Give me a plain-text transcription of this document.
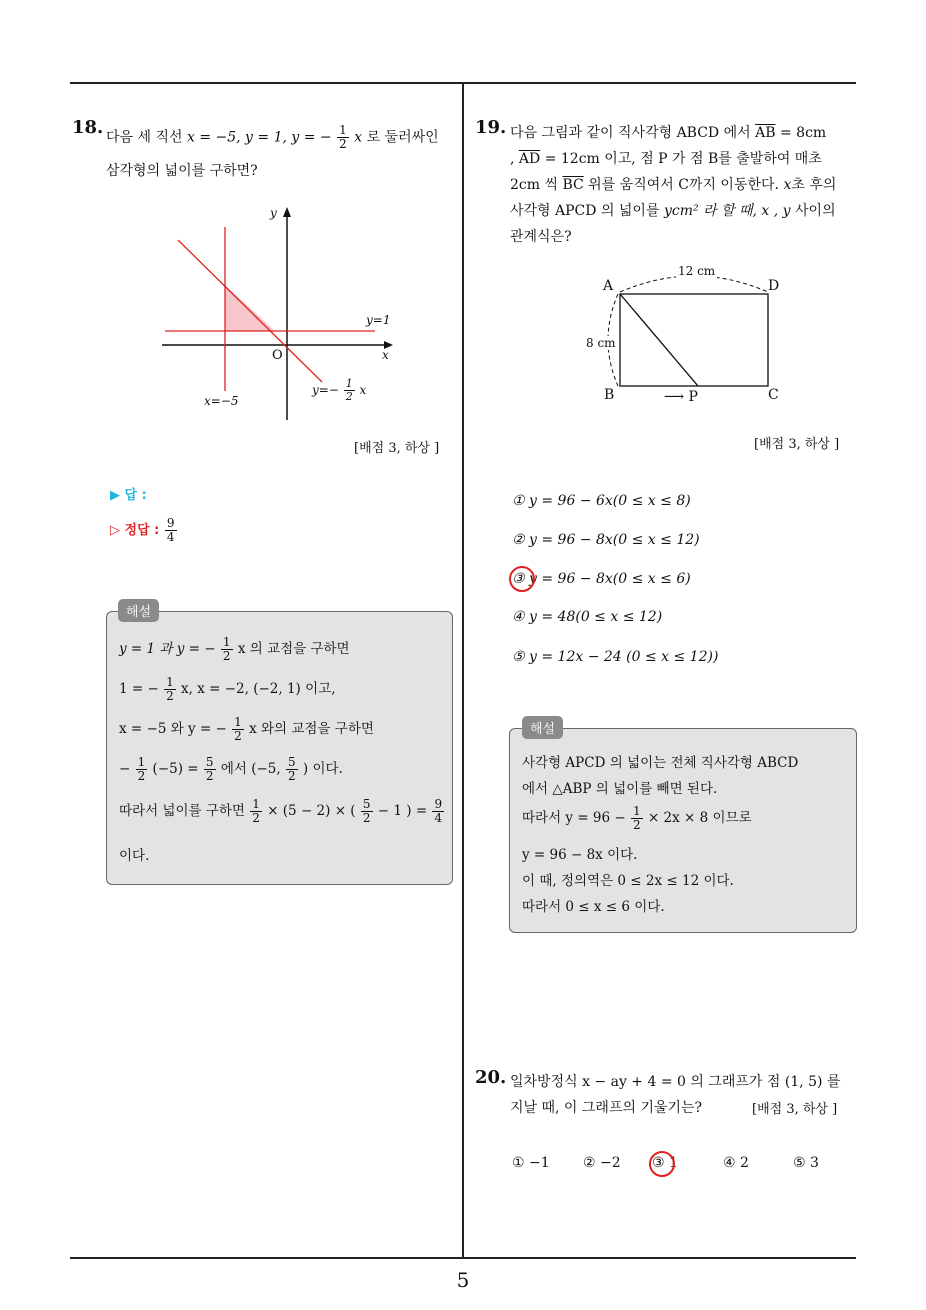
5
18. 다음 세 직선 x = −5, y = 1, y = − $\frac{1}{2}$ x 로 둘러싸인
삼각형의 넓이를 구하면?
y
x
O
y=1
x=−5
$y=- \frac{1}{2}$ x
[배점 3, 하상 ]
▶ 답 :
▷ 정답 : $\frac{9}{4}$
y = 1 과 y = − $\frac{1}{2}$ x 의 교점을 구하면
1 = − $\frac{1}{2} x$, x = −2, (−2, 1) 이고,
x = −5 와 y = − $\frac{1}{2}$ x 와의 교점을 구하면
− $\frac{1}{2} (-5) = \frac{5}{2}$ 에서 (−5, $\frac{5}{2}$ ) 이다.
따라서 넓이를 구하면 $\frac{1}{2} \times (5 - 2)$ × ( $\frac{5}{2} - 1$ ) = $\frac{9}{4}$
이다.
해설
19. 다음 그림과 같이 직사각형 ABCD 에서 $\overline{AB} = 8cm$
, $\overline{AD} = 12cm$ 이고, 점 P 가 점 B를 출발하여 매초
2cm 씩 $\overline{BC}$ 위를 움직여서 C까지 이동한다. x초 후의
사각형 APCD 의 넓이를 ycm² 라 할 때, x , y 사이의
관계식은?
A	D
B	C
⟶ P
12 cm
8 cm
[배점 3, 하상 ]
① y = 96 − 6x(0 ≤ x ≤ 8)
② y = 96 − 8x(0 ≤ x ≤ 12)
③ y = 96 − 8x(0 ≤ x ≤ 6)
④ y = 48(0 ≤ x ≤ 12)
⑤ y = 12x − 24 (0 ≤ x ≤ 12))
사각형 APCD 의 넓이는 전체 직사각형 ABCD
에서 △ABP 의 넓이를 빼면 된다.
따라서 $y = 96 - \frac{1}{2} \times 2x \times 8$ 이므로
y = 96 − 8x 이다.
이 때, 정의역은 0 ≤ 2x ≤ 12 이다.
따라서 0 ≤ x ≤ 6 이다.
해설
20. 일차방정식 x − ay + 4 = 0 의 그래프가 점 (1, 5) 를
지날 때, 이 그래프의 기울기는?	[배점 3, 하상 ]
① −1 ② −2 ③ 1	④ 2	⑤ 3
